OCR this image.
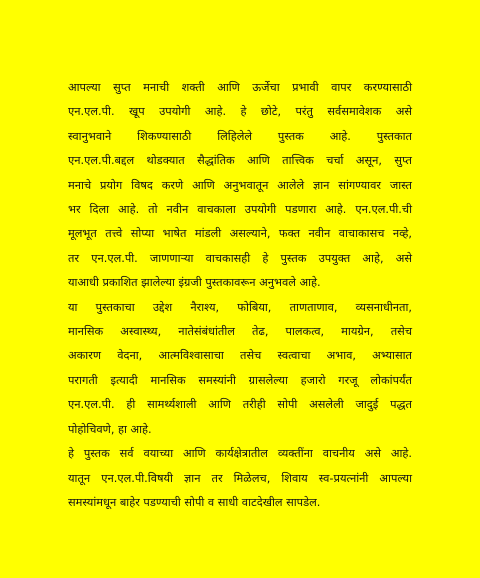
आपल्या सुप्त मनाची शक्ती आणि ऊर्जेचा प्रभावी वापर करण्यासाठी
एन.एल.पी. खूप उपयोगी आहे. हे छोटे, परंतु सर्वसमावेशक असे
स्वानुभवाने शिकण्यासाठी लिहिलेले पुस्तक आहे. पुस्तकात
एन.एल.पी.बद्दल थोडक्यात सैद्धांतिक आणि तात्त्विक चर्चा असून, सुप्त
मनाचे प्रयोग विषद करणे आणि अनुभवातून आलेले ज्ञान सांगण्यावर जास्त
भर दिला आहे. तो नवीन वाचकाला उपयोगी पडणारा आहे. एन.एल.पी.ची
मूलभूत तत्त्वे सोप्या भाषेत मांडली असल्याने, फक्त नवीन वाचाकासच नव्हे,
तर एन.एल.पी. जाणणाऱ्या वाचकासही हे पुस्तक उपयुक्त आहे, असे
याआधी प्रकाशित झालेल्या इंग्रजी पुस्तकावरून अनुभवले आहे.

या पुस्तकाचा उद्देश नैराश्य, फोबिया, ताणताणाव, व्यसनाधीनता,
मानसिक अस्वास्थ्य, नातेसंबंधांतील तेढ, पालकत्व, मायग्रेन, तसेच
अकारण वेदना, आत्मविश्वासाचा तसेच स्वत्वाचा अभाव, अभ्यासात
परागती इत्यादी मानसिक समस्यांनी ग्रासलेल्या हजारो गरजू लोकांपर्यंत
एन.एल.पी. ही सामर्थ्यशाली आणि तरीही सोपी असलेली जादुई पद्धत
पोहोचिवणे, हा आहे.

हे पुस्तक सर्व वयाच्या आणि कार्यक्षेत्रातील व्यक्तींना वाचनीय असे आहे.
यातून एन.एल.पी.विषयी ज्ञान तर मिळेलच, शिवाय स्व-प्रयत्नांनी आपल्या
समस्यांमधून बाहेर पडण्याची सोपी व साधी वाटदेखील सापडेल.
